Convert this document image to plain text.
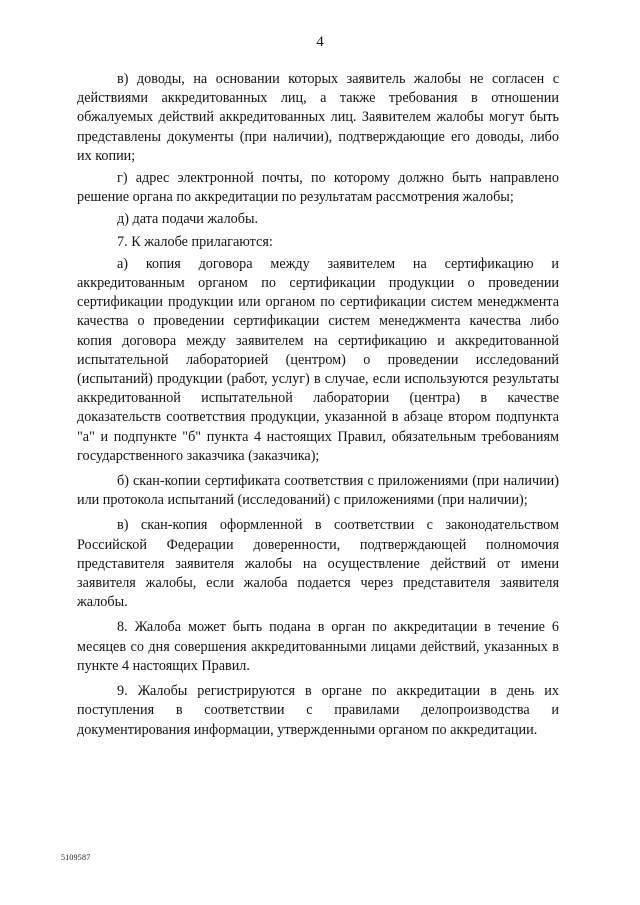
4

в) доводы, на основании которых заявитель жалобы не согласен с действиями аккредитованных лиц, а также требования в отношении обжалуемых действий аккредитованных лиц. Заявителем жалобы могут быть представлены документы (при наличии), подтверждающие его доводы, либо их копии;

г) адрес электронной почты, по которому должно быть направлено решение органа по аккредитации по результатам рассмотрения жалобы;

д) дата подачи жалобы.

7. К жалобе прилагаются:

а) копия договора между заявителем на сертификацию и аккредитованным органом по сертификации продукции о проведении сертификации продукции или органом по сертификации систем менеджмента качества о проведении сертификации систем менеджмента качества либо копия договора между заявителем на сертификацию и аккредитованной испытательной лабораторией (центром) о проведении исследований (испытаний) продукции (работ, услуг) в случае, если используются результаты аккредитованной испытательной лаборатории (центра) в качестве доказательств соответствия продукции, указанной в абзаце втором подпункта "а" и подпункте "б" пункта 4 настоящих Правил, обязательным требованиям государственного заказчика (заказчика);

б) скан-копии сертификата соответствия с приложениями (при наличии) или протокола испытаний (исследований) с приложениями (при наличии);

в) скан-копия оформленной в соответствии с законодательством Российской Федерации доверенности, подтверждающей полномочия представителя заявителя жалобы на осуществление действий от имени заявителя жалобы, если жалоба подается через представителя заявителя жалобы.

8. Жалоба может быть подана в орган по аккредитации в течение 6 месяцев со дня совершения аккредитованными лицами действий, указанных в пункте 4 настоящих Правил.

9. Жалобы регистрируются в органе по аккредитации в день их поступления в соответствии с правилами делопроизводства и документирования информации, утвержденными органом по аккредитации.

5109587
